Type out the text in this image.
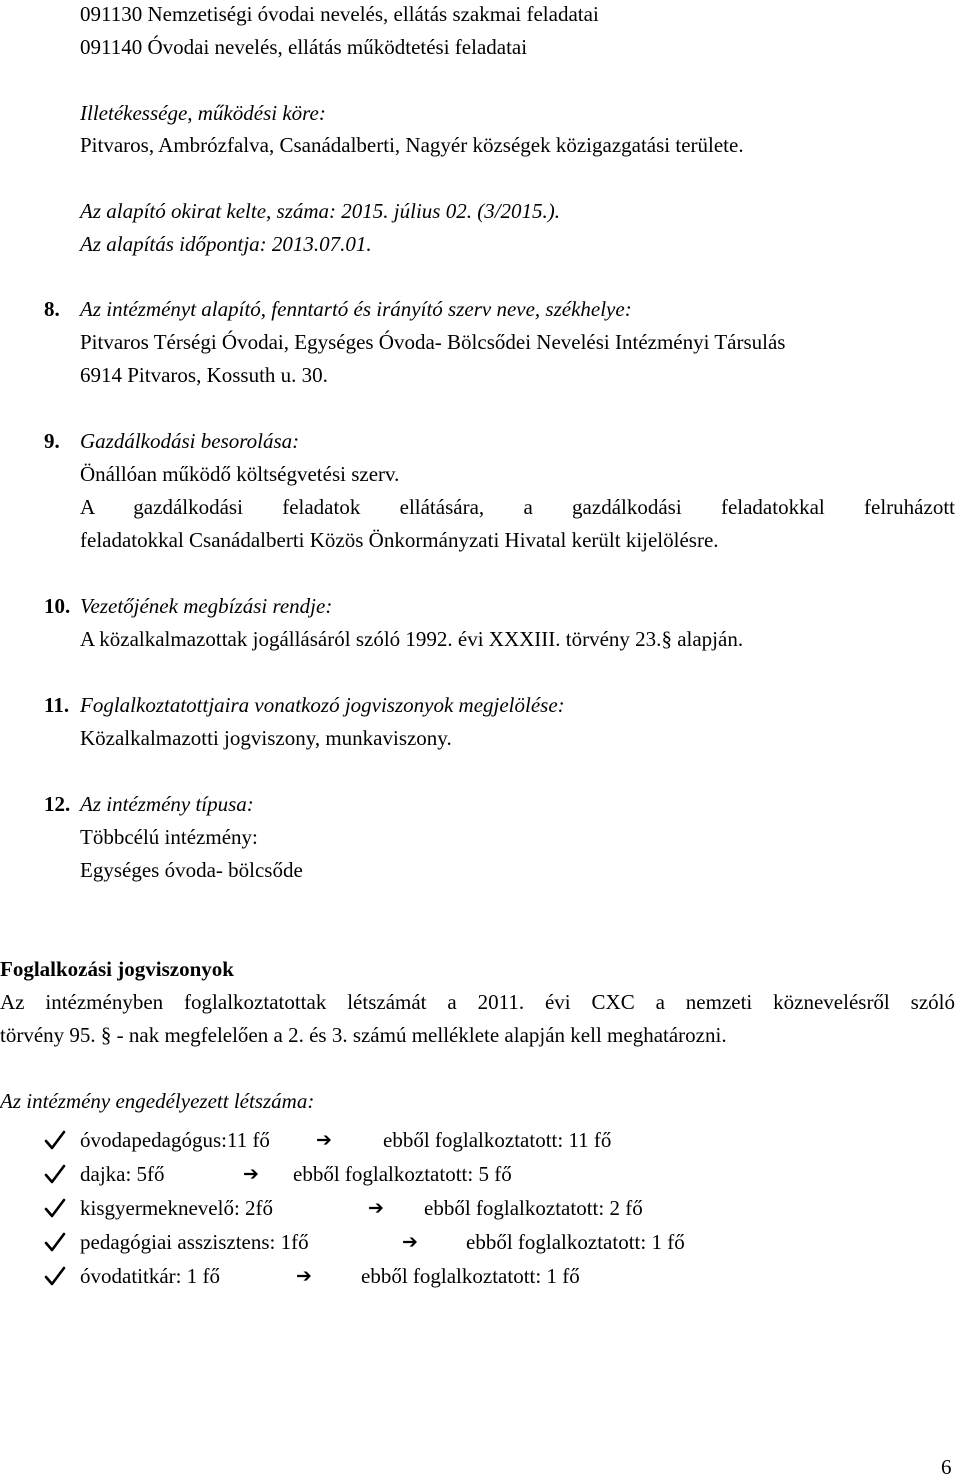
091130 Nemzetiségi óvodai nevelés, ellátás szakmai feladatai
091140 Óvodai nevelés, ellátás működtetési feladatai
Illetékessége, működési köre:
Pitvaros, Ambrózfalva, Csanádalberti, Nagyér községek közigazgatási területe.
Az alapító okirat kelte, száma: 2015. július 02. (3/2015.).
Az alapítás időpontja: 2013.07.01.
8. Az intézményt alapító, fenntartó és irányító szerv neve, székhelye:
Pitvaros Térségi Óvodai, Egységes Óvoda- Bölcsődei Nevelési Intézményi Társulás
6914 Pitvaros, Kossuth u. 30.
9. Gazdálkodási besorolása:
Önállóan működő költségvetési szerv.
A gazdálkodási feladatok ellátására, a gazdálkodási feladatokkal felruházott
feladatokkal Csanádalberti Közös Önkormányzati Hivatal került kijelölésre.
10. Vezetőjének megbízási rendje:
A közalkalmazottak jogállásáról szóló 1992. évi XXXIII. törvény 23.§ alapján.
11. Foglalkoztatottjaira vonatkozó jogviszonyok megjelölése:
Közalkalmazotti jogviszony, munkaviszony.
12. Az intézmény típusa:
Többcélú intézmény:
Egységes óvoda- bölcsőde
Foglalkozási jogviszonyok
Az intézményben foglalkoztatottak létszámát a 2011. évi CXC a nemzeti köznevelésről szóló
törvény 95. § - nak megfelelően a 2. és 3. számú melléklete alapján kell meghatározni.
Az intézmény engedélyezett létszáma:
óvodapedagógus:11 fő ➔ ebből foglalkoztatott: 11 fő
dajka: 5fő	➔ ebből foglalkoztatott: 5 fő
kisgyermeknevelő: 2fő	➔ ebből foglalkoztatott: 2 fő
pedagógiai asszisztens: 1fő	➔ ebből foglalkoztatott: 1 fő
óvodatitkár: 1 fő	➔ ebből foglalkoztatott: 1 fő
6
